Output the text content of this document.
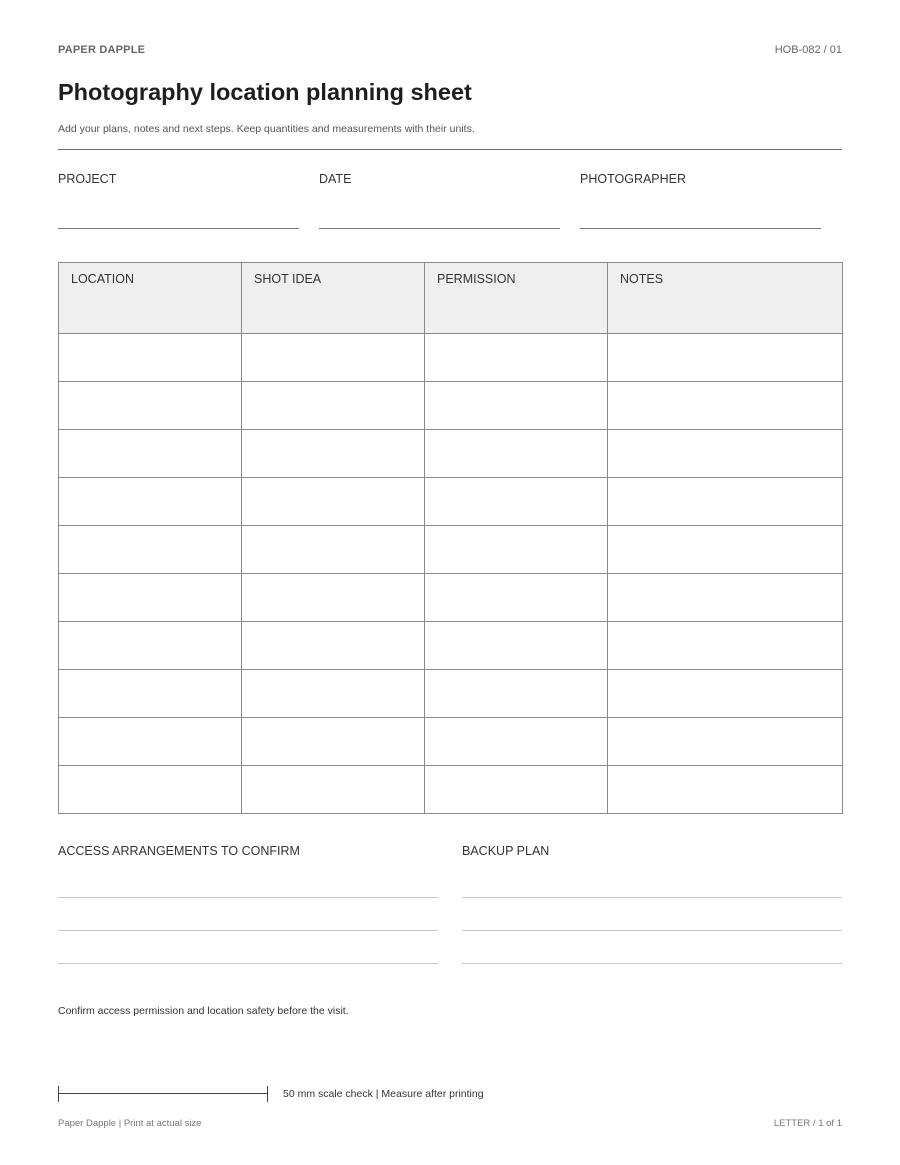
PAPER DAPPLE	HOB-082 / 01
Photography location planning sheet
Add your plans, notes and next steps. Keep quantities and measurements with their units.
PROJECT	DATE	PHOTOGRAPHER
LOCATION	SHOT IDEA	PERMISSION	NOTES

ACCESS ARRANGEMENTS TO CONFIRM	BACKUP PLAN
Confirm access permission and location safety before the visit.
50 mm scale check | Measure after printing
Paper Dapple | Print at actual size	LETTER / 1 of 1
